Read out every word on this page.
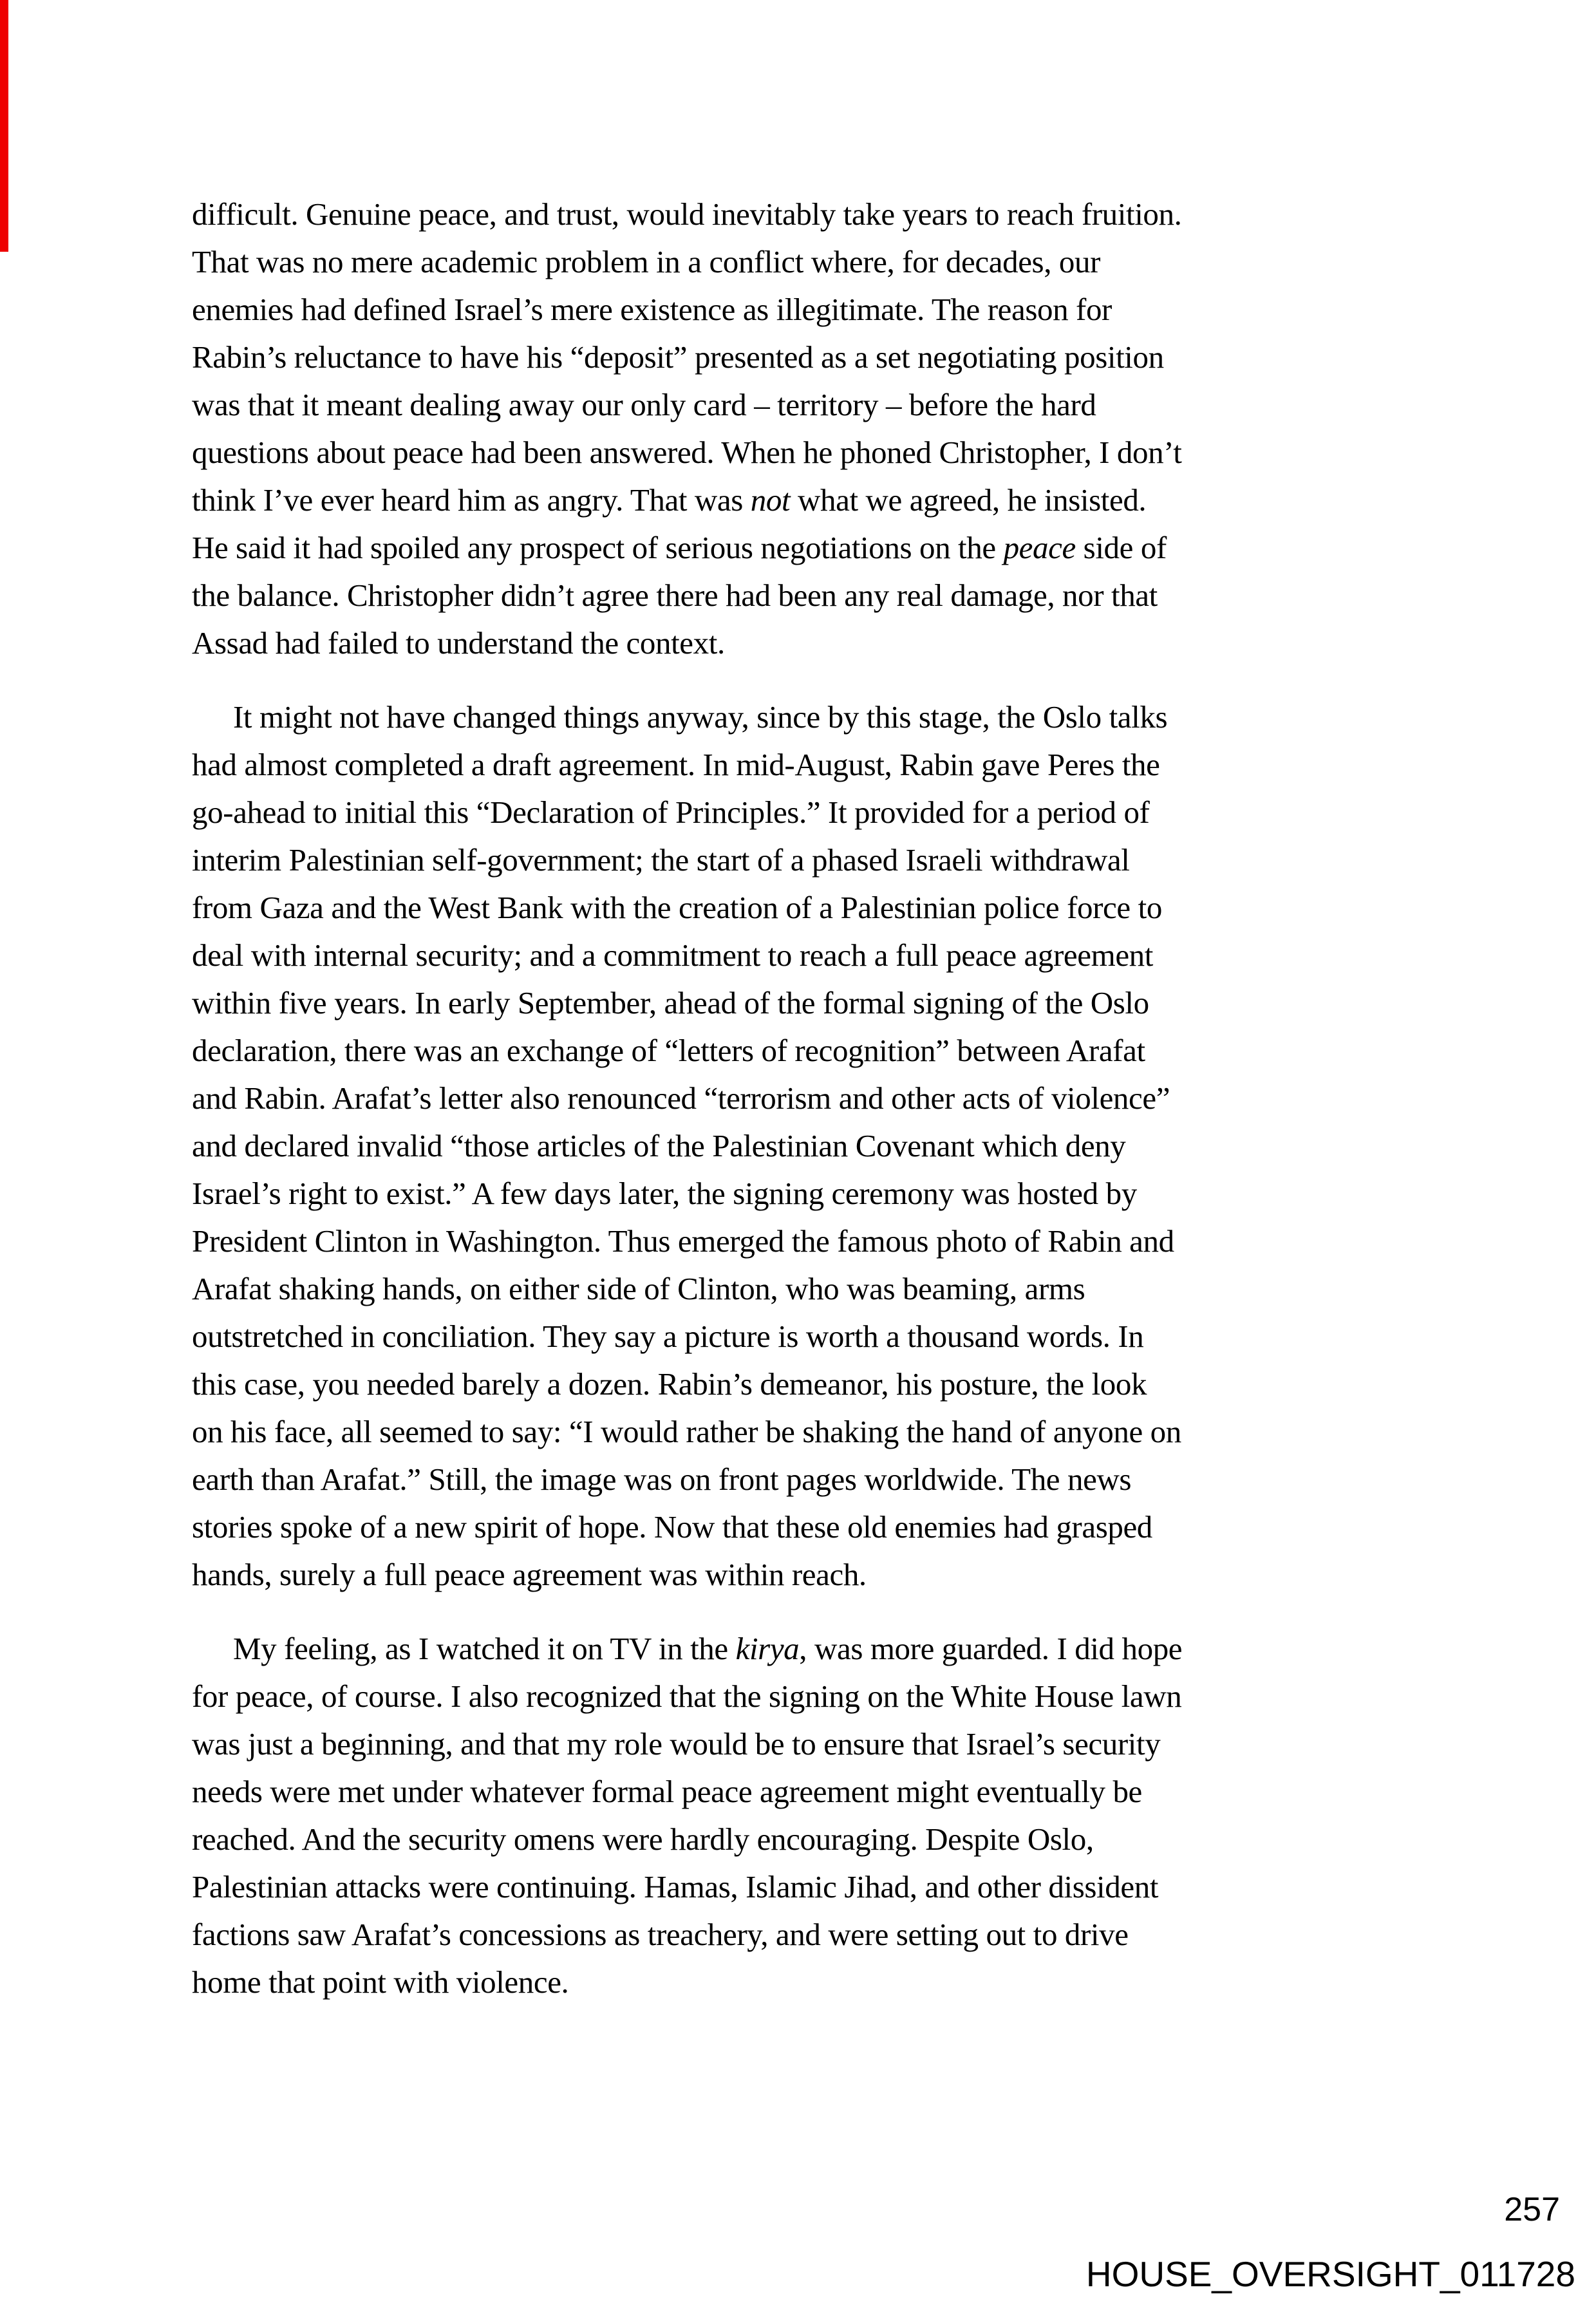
difficult. Genuine peace, and trust, would inevitably take years to reach fruition.
That was no mere academic problem in a conflict where, for decades, our
enemies had defined Israel’s mere existence as illegitimate. The reason for
Rabin’s reluctance to have his “deposit” presented as a set negotiating position
was that it meant dealing away our only card – territory – before the hard
questions about peace had been answered. When he phoned Christopher, I don’t
think I’ve ever heard him as angry. That was not what we agreed, he insisted.
He said it had spoiled any prospect of serious negotiations on the peace side of
the balance. Christopher didn’t agree there had been any real damage, nor that
Assad had failed to understand the context.
It might not have changed things anyway, since by this stage, the Oslo talks
had almost completed a draft agreement. In mid-August, Rabin gave Peres the
go-ahead to initial this “Declaration of Principles.” It provided for a period of
interim Palestinian self-government; the start of a phased Israeli withdrawal
from Gaza and the West Bank with the creation of a Palestinian police force to
deal with internal security; and a commitment to reach a full peace agreement
within five years. In early September, ahead of the formal signing of the Oslo
declaration, there was an exchange of “letters of recognition” between Arafat
and Rabin. Arafat’s letter also renounced “terrorism and other acts of violence”
and declared invalid “those articles of the Palestinian Covenant which deny
Israel’s right to exist.” A few days later, the signing ceremony was hosted by
President Clinton in Washington. Thus emerged the famous photo of Rabin and
Arafat shaking hands, on either side of Clinton, who was beaming, arms
outstretched in conciliation. They say a picture is worth a thousand words. In
this case, you needed barely a dozen. Rabin’s demeanor, his posture, the look
on his face, all seemed to say: “I would rather be shaking the hand of anyone on
earth than Arafat.” Still, the image was on front pages worldwide. The news
stories spoke of a new spirit of hope. Now that these old enemies had grasped
hands, surely a full peace agreement was within reach.
My feeling, as I watched it on TV in the kirya, was more guarded. I did hope
for peace, of course. I also recognized that the signing on the White House lawn
was just a beginning, and that my role would be to ensure that Israel’s security
needs were met under whatever formal peace agreement might eventually be
reached. And the security omens were hardly encouraging. Despite Oslo,
Palestinian attacks were continuing. Hamas, Islamic Jihad, and other dissident
factions saw Arafat’s concessions as treachery, and were setting out to drive
home that point with violence.
257
HOUSE_OVERSIGHT_011728
